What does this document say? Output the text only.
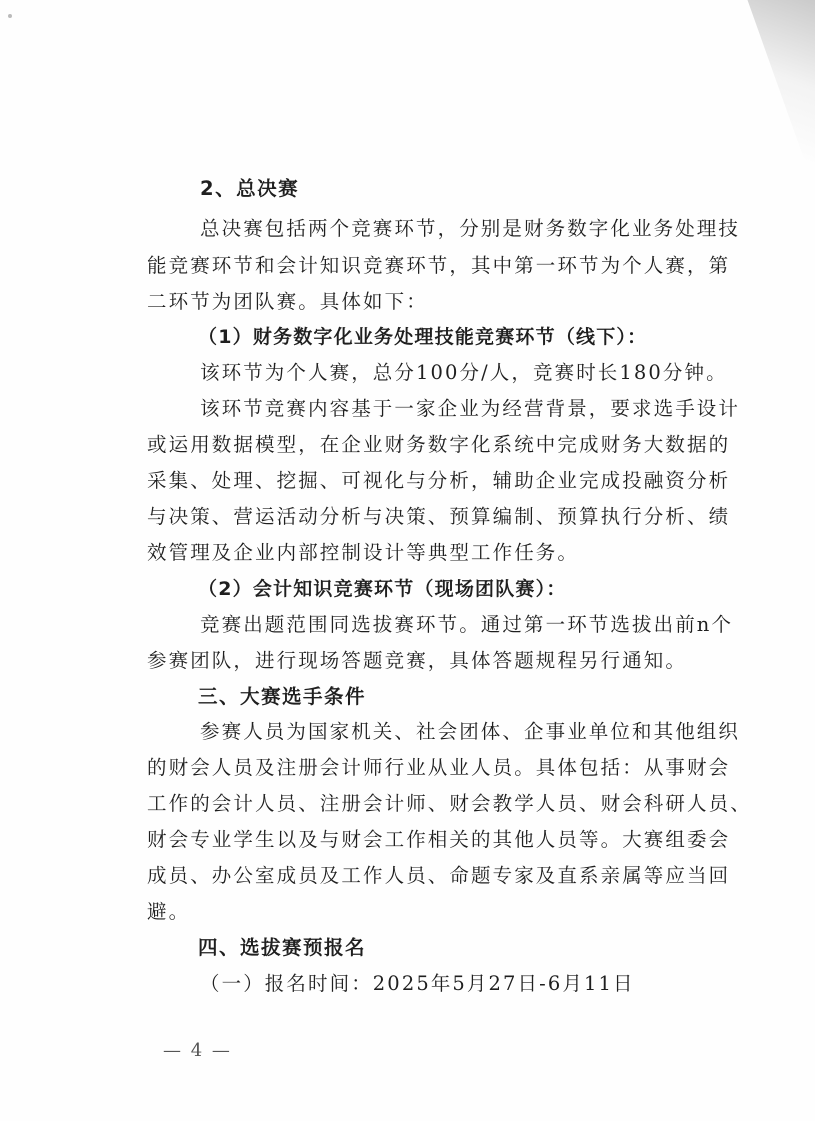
2、总决赛
总决赛包括两个竞赛环节，分别是财务数字化业务处理技
能竞赛环节和会计知识竞赛环节，其中第一环节为个人赛，第
二环节为团队赛。具体如下：
（1）财务数字化业务处理技能竞赛环节（线下）：
该环节为个人赛，总分100分/人，竞赛时长180分钟。
该环节竞赛内容基于一家企业为经营背景，要求选手设计
或运用数据模型，在企业财务数字化系统中完成财务大数据的
采集、处理、挖掘、可视化与分析，辅助企业完成投融资分析
与决策、营运活动分析与决策、预算编制、预算执行分析、绩
效管理及企业内部控制设计等典型工作任务。
（2）会计知识竞赛环节（现场团队赛）：
竞赛出题范围同选拔赛环节。通过第一环节选拔出前n个
参赛团队，进行现场答题竞赛，具体答题规程另行通知。
三、大赛选手条件
参赛人员为国家机关、社会团体、企事业单位和其他组织
的财会人员及注册会计师行业从业人员。具体包括：从事财会
工作的会计人员、注册会计师、财会教学人员、财会科研人员、
财会专业学生以及与财会工作相关的其他人员等。大赛组委会
成员、办公室成员及工作人员、命题专家及直系亲属等应当回
避。
四、选拔赛预报名
（一）报名时间：2025年5月27日-6月11日
— 4 —
